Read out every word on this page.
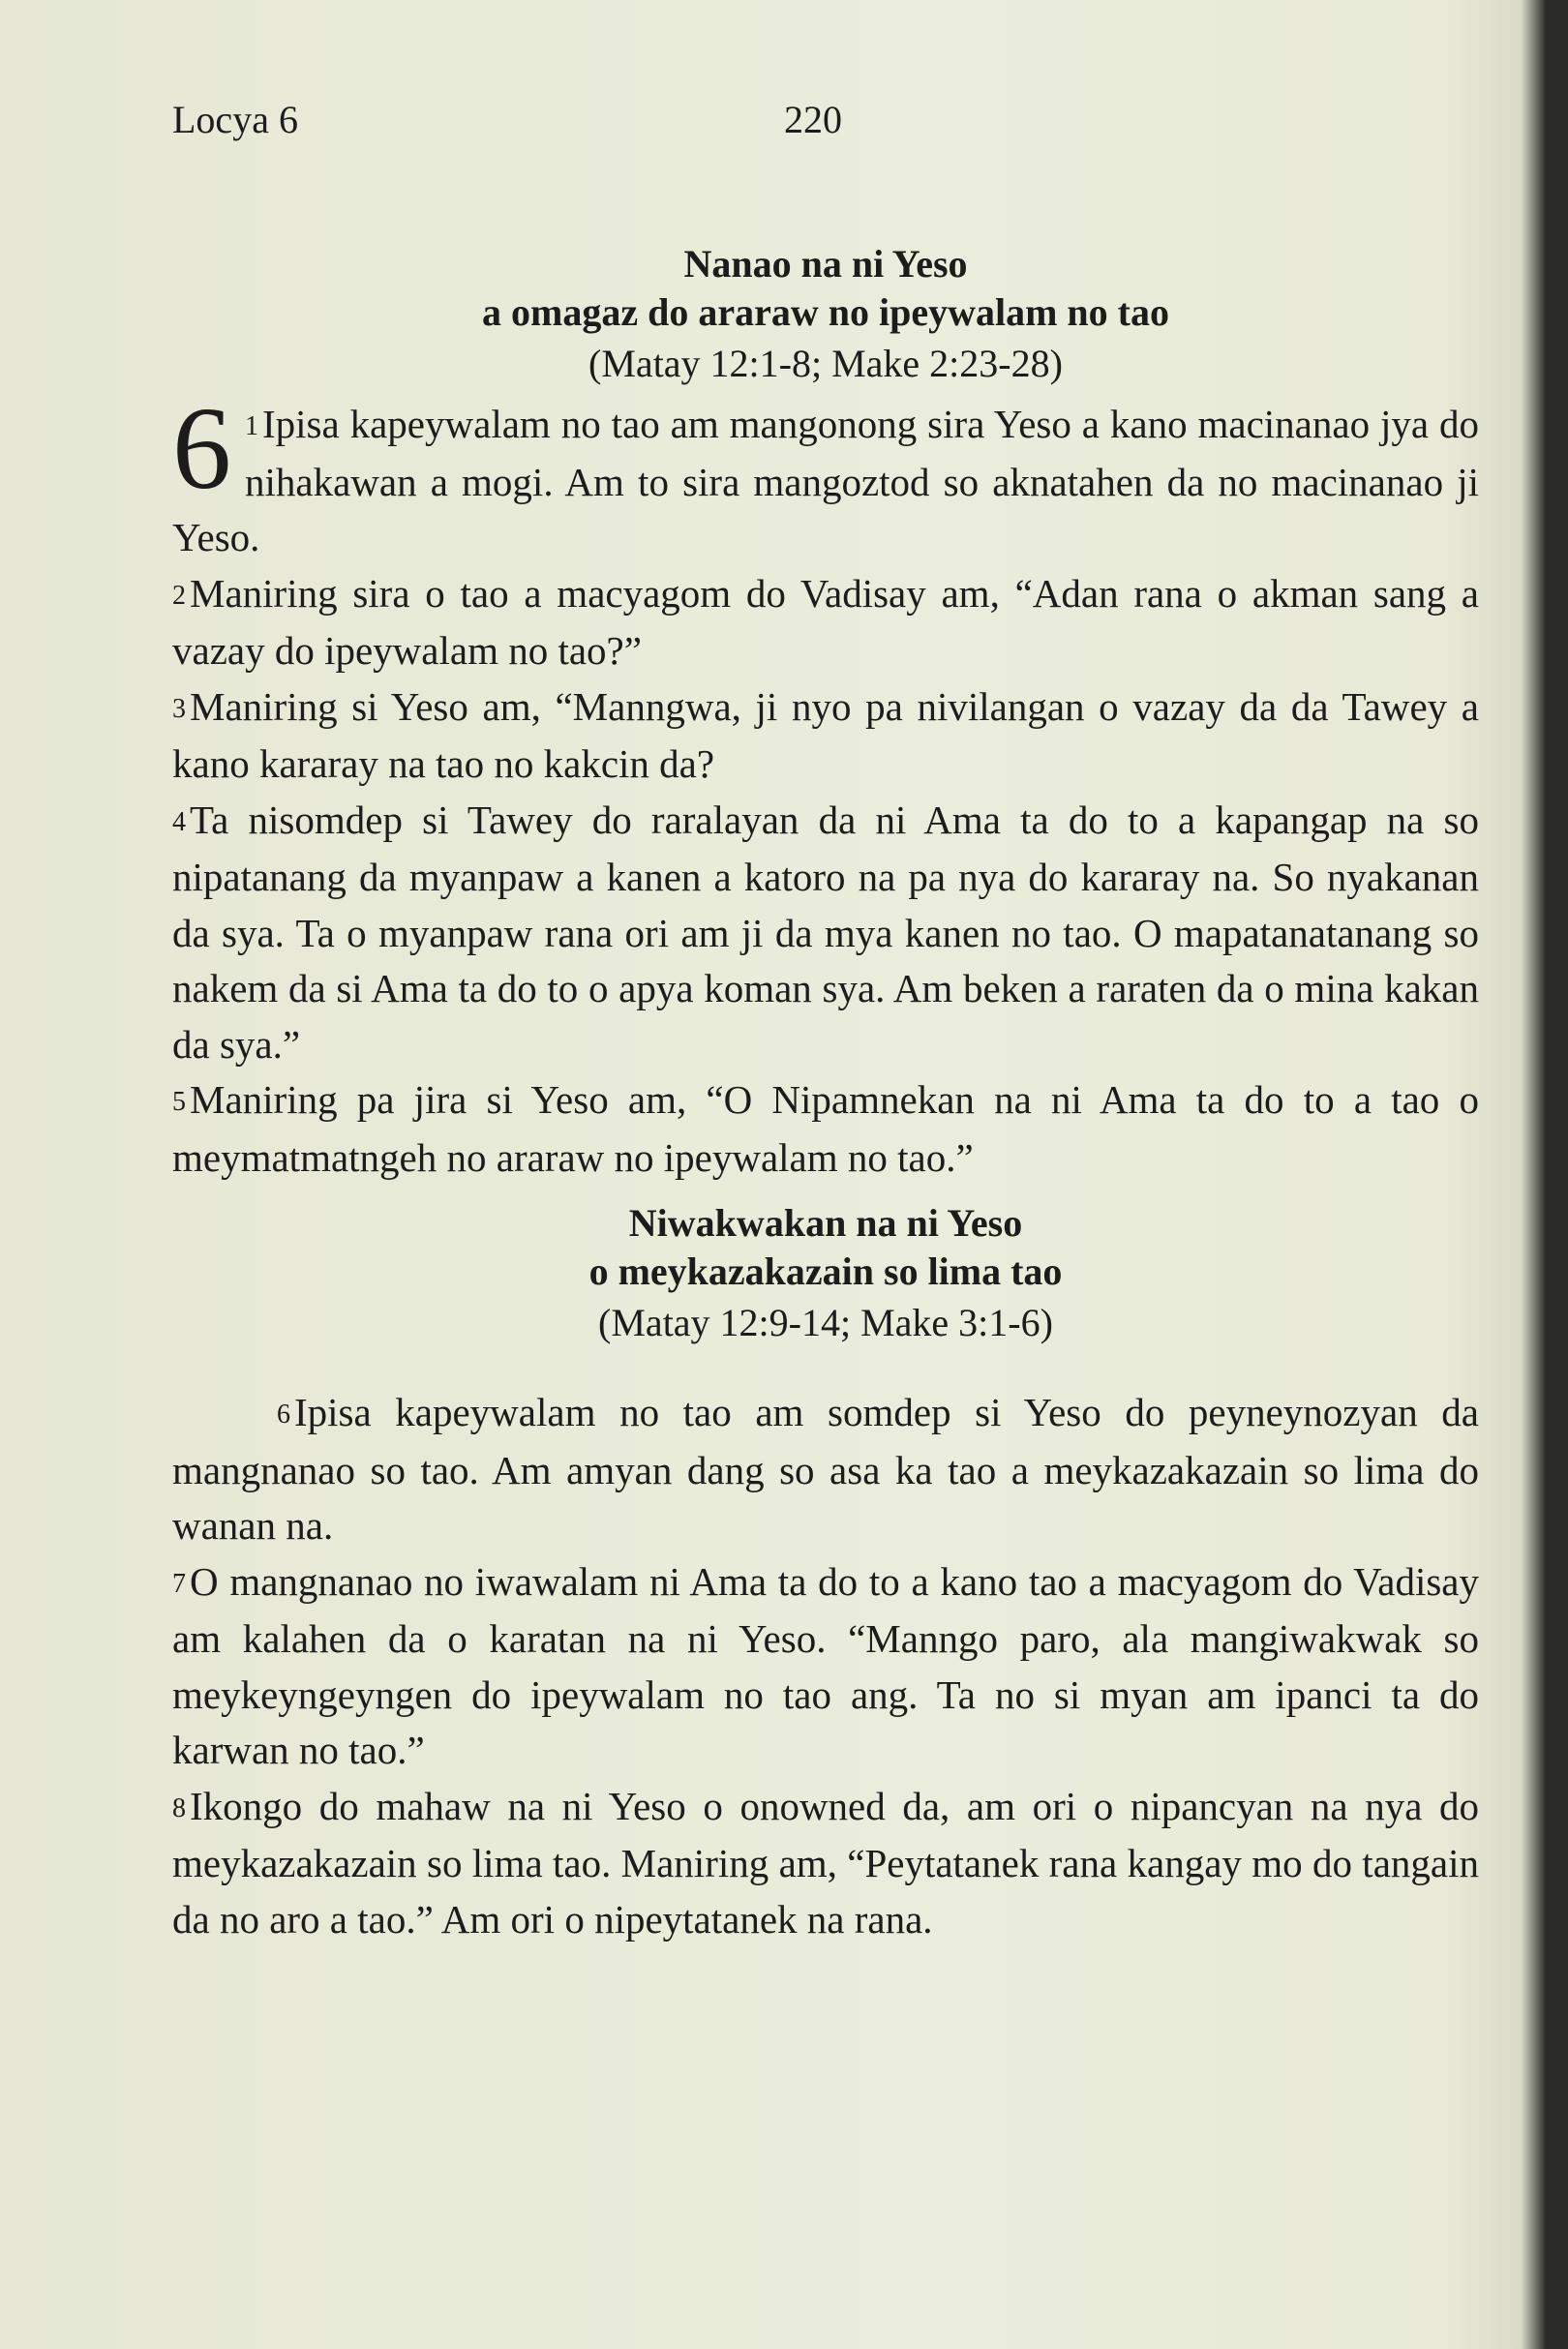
Locya 6	220
Nanao na ni Yeso
a omagaz do araraw no ipeywalam no tao
(Matay 12:1-8; Make 2:23-28)

6 1Ipisa kapeywalam no tao am mangonong sira Yeso a kano macinanao jya do nihakawan a mogi. Am to sira mangoztod so aknatahen da no macinanao ji Yeso.

2Maniring sira o tao a macyagom do Vadisay am, “Adan rana o akman sang a vazay do ipeywalam no tao?”

3Maniring si Yeso am, “Manngwa, ji nyo pa nivilangan o vazay da da Tawey a kano kararay na tao no kakcin da?

4Ta nisomdep si Tawey do raralayan da ni Ama ta do to a kapangap na so nipatanang da myanpaw a kanen a katoro na pa nya do kararay na. So nyakanan da sya. Ta o myanpaw rana ori am ji da mya kanen no tao. O mapatanatanang so nakem da si Ama ta do to o apya koman sya. Am beken a raraten da o mina kakan da sya.”

5Maniring pa jira si Yeso am, “O Nipamnekan na ni Ama ta do to a tao o meymatmatngeh no araraw no ipeywalam no tao.”

Niwakwakan na ni Yeso
o meykazakazain so lima tao
(Matay 12:9-14; Make 3:1-6)

6Ipisa kapeywalam no tao am somdep si Yeso do peyneynozyan da mangnanao so tao. Am amyan dang so asa ka tao a meykazakazain so lima do wanan na.

7O mangnanao no iwawalam ni Ama ta do to a kano tao a macyagom do Vadisay am kalahen da o karatan na ni Yeso. “Manngo paro, ala mangiwakwak so meykeyngeyngen do ipeywalam no tao ang. Ta no si myan am ipanci ta do karwan no tao.”

8Ikongo do mahaw na ni Yeso o onowned da, am ori o nipancyan na nya do meykazakazain so lima tao. Maniring am, “Peytatanek rana kangay mo do tangain da no aro a tao.” Am ori o nipeytatanek na rana.
